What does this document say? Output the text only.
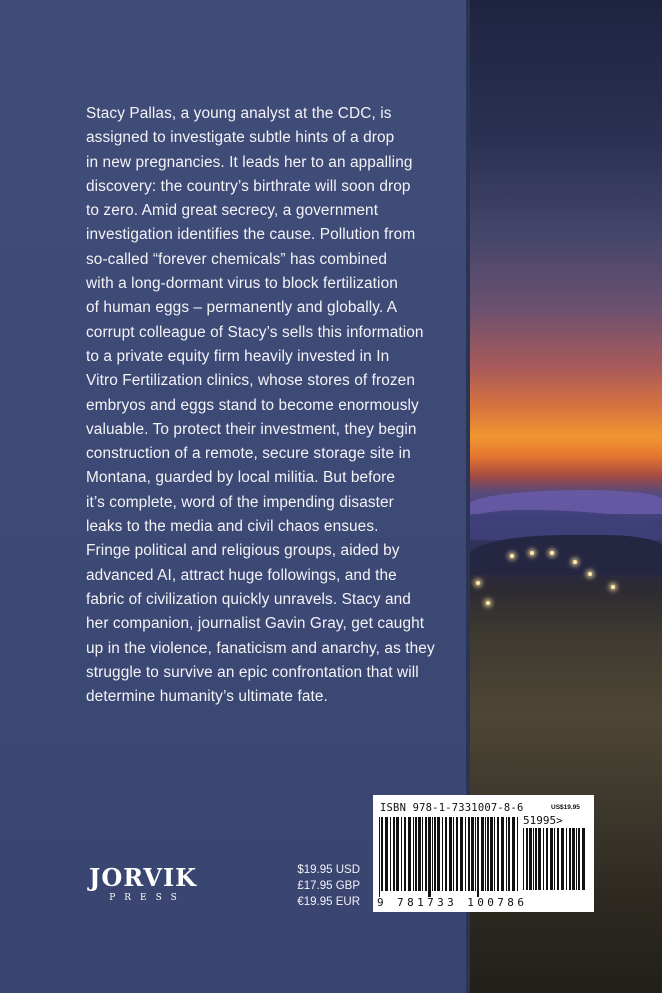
Stacy Pallas, a young analyst at the CDC, is
assigned to investigate subtle hints of a drop
in new pregnancies. It leads her to an appalling
discovery: the country’s birthrate will soon drop
to zero. Amid great secrecy, a government
investigation identifies the cause. Pollution from
so-called “forever chemicals” has combined
with a long-dormant virus to block fertilization
of human eggs – permanently and globally. A
corrupt colleague of Stacy’s sells this information
to a private equity firm heavily invested in In
Vitro Fertilization clinics, whose stores of frozen
embryos and eggs stand to become enormously
valuable. To protect their investment, they begin
construction of a remote, secure storage site in
Montana, guarded by local militia. But before
it’s complete, word of the impending disaster
leaks to the media and civil chaos ensues.
Fringe political and religious groups, aided by
advanced AI, attract huge followings, and the
fabric of civilization quickly unravels. Stacy and
her companion, journalist Gavin Gray, get caught
up in the violence, fanaticism and anarchy, as they
struggle to survive an epic confrontation that will
determine humanity’s ultimate fate.

JORVIK
PRESS
$19.95 USD
£17.95 GBP
€19.95 EUR
ISBN 978-1-7331007-8-6	US$19.95
51995>
9 781733 100786
